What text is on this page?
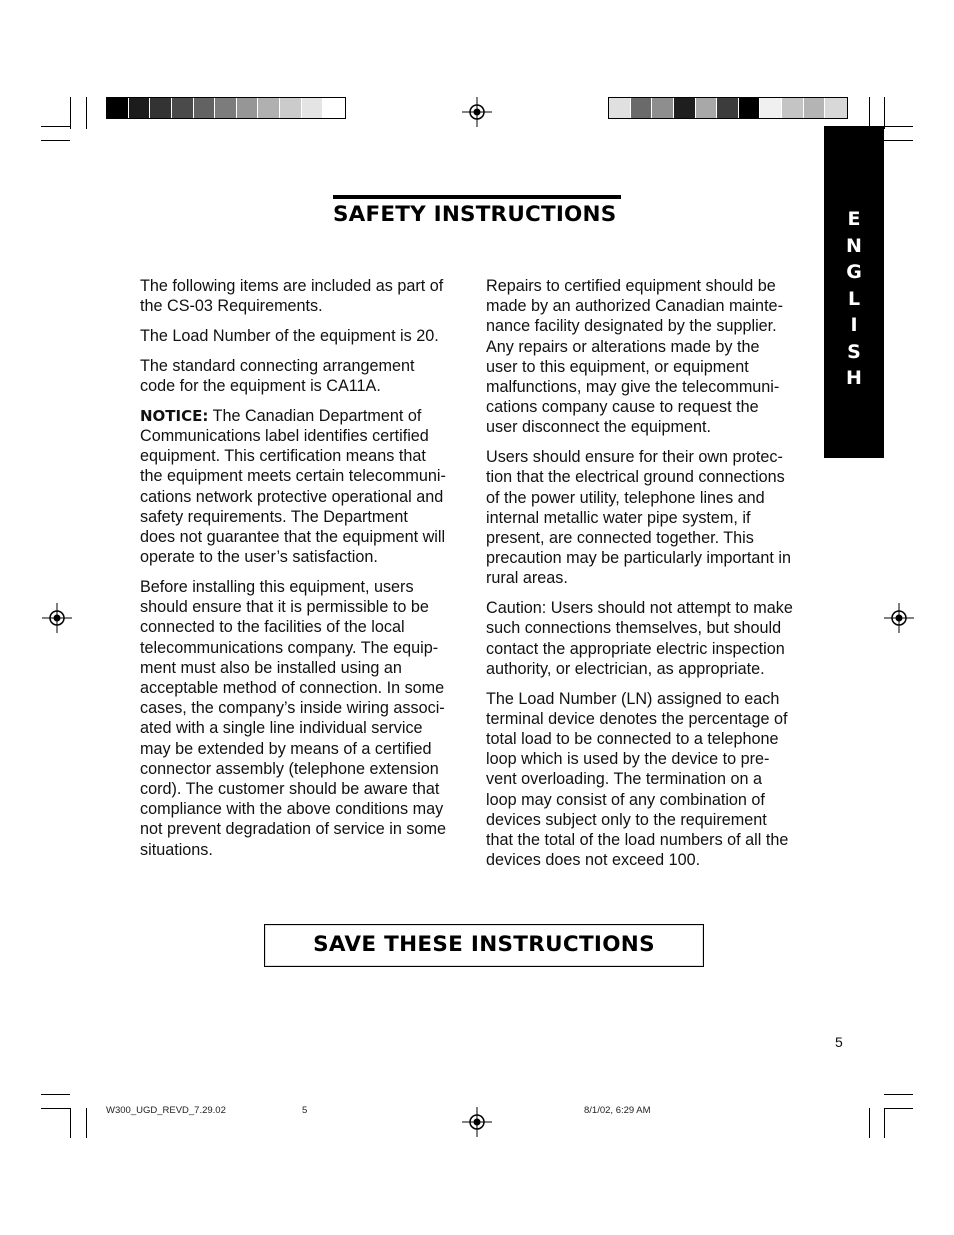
E
N
G
L
I
S
H
SAFETY INSTRUCTIONS

The following items are included as part of
the CS-03 Requirements.

The Load Number of the equipment is 20.

The standard connecting arrangement
code for the equipment is CA11A.

NOTICE: The Canadian Department of
Communications label identifies certified
equipment. This certification means that
the equipment meets certain telecommuni-
cations network protective operational and
safety requirements. The Department
does not guarantee that the equipment will
operate to the user’s satisfaction.

Before installing this equipment, users
should ensure that it is permissible to be
connected to the facilities of the local
telecommunications company. The equip-
ment must also be installed using an
acceptable method of connection. In some
cases, the company’s inside wiring associ-
ated with a single line individual service
may be extended by means of a certified
connector assembly (telephone extension
cord). The customer should be aware that
compliance with the above conditions may
not prevent degradation of service in some
situations.

Repairs to certified equipment should be
made by an authorized Canadian mainte-
nance facility designated by the supplier.
Any repairs or alterations made by the
user to this equipment, or equipment
malfunctions, may give the telecommuni-
cations company cause to request the
user disconnect the equipment.

Users should ensure for their own protec-
tion that the electrical ground connections
of the power utility, telephone lines and
internal metallic water pipe system, if
present, are connected together. This
precaution may be particularly important in
rural areas.

Caution: Users should not attempt to make
such connections themselves, but should
contact the appropriate electric inspection
authority, or electrician, as appropriate.

The Load Number (LN) assigned to each
terminal device denotes the percentage of
total load to be connected to a telephone
loop which is used by the device to pre-
vent overloading. The termination on a
loop may consist of any combination of
devices subject only to the requirement
that the total of the load numbers of all the
devices does not exceed 100.

SAVE THESE INSTRUCTIONS
5
W300_UGD_REVD_7.29.02	5	8/1/02, 6:29 AM
